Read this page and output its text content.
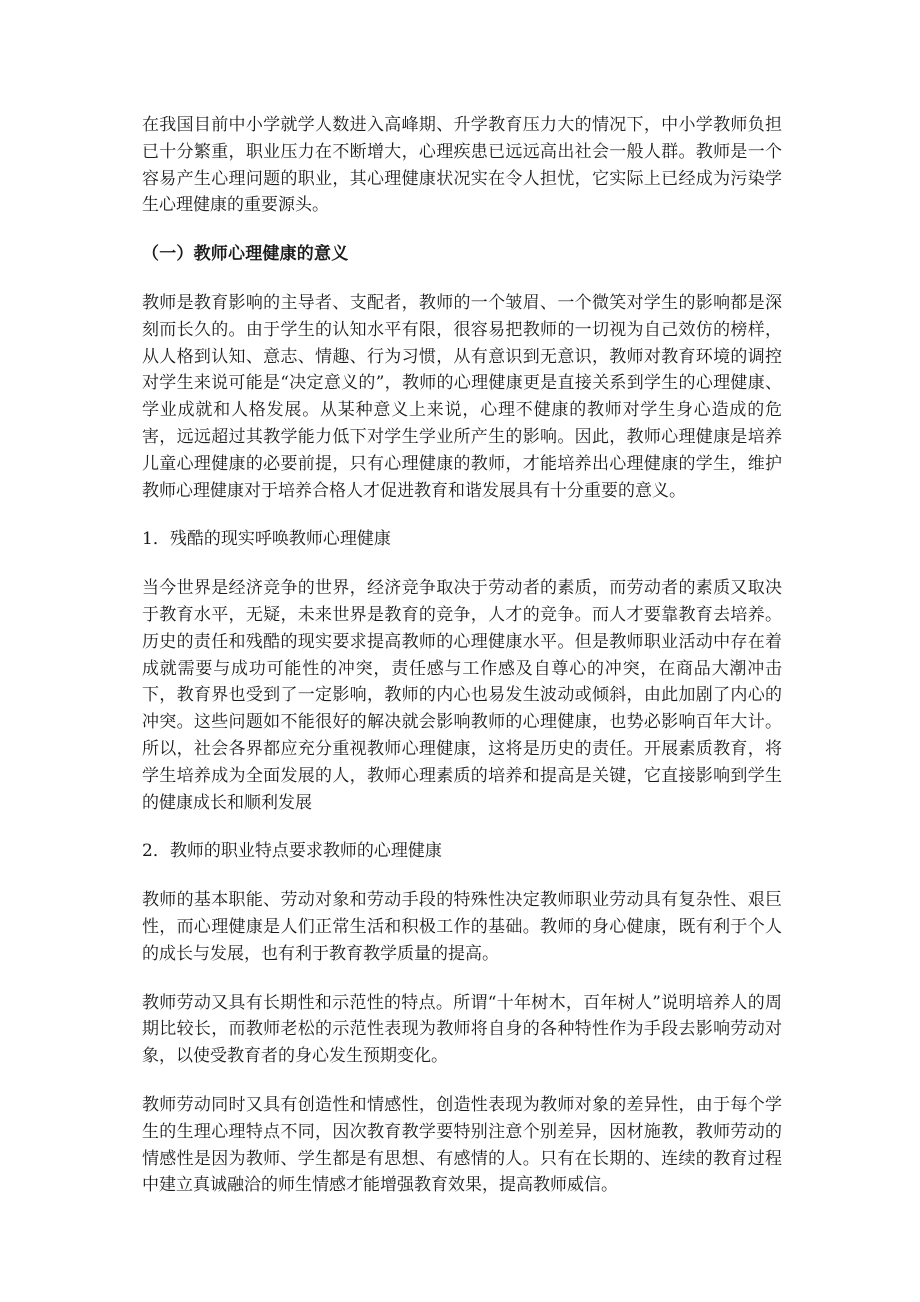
在我国目前中小学就学人数进入高峰期、升学教育压力大的情况下，中小学教师负担已十分繁重，职业压力在不断增大，心理疾患已远远高出社会一般人群。教师是一个容易产生心理问题的职业，其心理健康状况实在令人担忧，它实际上已经成为污染学生心理健康的重要源头。

（一）教师心理健康的意义

教师是教育影响的主导者、支配者，教师的一个皱眉、一个微笑对学生的影响都是深刻而长久的。由于学生的认知水平有限，很容易把教师的一切视为自己效仿的榜样，从人格到认知、意志、情趣、行为习惯，从有意识到无意识，教师对教育环境的调控对学生来说可能是“决定意义的”，教师的心理健康更是直接关系到学生的心理健康、学业成就和人格发展。从某种意义上来说，心理不健康的教师对学生身心造成的危害，远远超过其教学能力低下对学生学业所产生的影响。因此，教师心理健康是培养儿童心理健康的必要前提，只有心理健康的教师，才能培养出心理健康的学生，维护教师心理健康对于培养合格人才促进教育和谐发展具有十分重要的意义。

1．残酷的现实呼唤教师心理健康

当今世界是经济竞争的世界，经济竞争取决于劳动者的素质，而劳动者的素质又取决于教育水平，无疑，未来世界是教育的竞争，人才的竞争。而人才要靠教育去培养。历史的责任和残酷的现实要求提高教师的心理健康水平。但是教师职业活动中存在着成就需要与成功可能性的冲突，责任感与工作感及自尊心的冲突，在商品大潮冲击下，教育界也受到了一定影响，教师的内心也易发生波动或倾斜，由此加剧了内心的冲突。这些问题如不能很好的解决就会影响教师的心理健康，也势必影响百年大计。所以，社会各界都应充分重视教师心理健康，这将是历史的责任。开展素质教育，将学生培养成为全面发展的人，教师心理素质的培养和提高是关键，它直接影响到学生的健康成长和顺利发展

2．教师的职业特点要求教师的心理健康

教师的基本职能、劳动对象和劳动手段的特殊性决定教师职业劳动具有复杂性、艰巨性，而心理健康是人们正常生活和积极工作的基础。教师的身心健康，既有利于个人的成长与发展，也有利于教育教学质量的提高。

教师劳动又具有长期性和示范性的特点。所谓“十年树木，百年树人”说明培养人的周期比较长，而教师老松的示范性表现为教师将自身的各种特性作为手段去影响劳动对象，以使受教育者的身心发生预期变化。

教师劳动同时又具有创造性和情感性，创造性表现为教师对象的差异性，由于每个学生的生理心理特点不同，因次教育教学要特别注意个别差异，因材施教，教师劳动的情感性是因为教师、学生都是有思想、有感情的人。只有在长期的、连续的教育过程中建立真诚融洽的师生情感才能增强教育效果，提高教师威信。
